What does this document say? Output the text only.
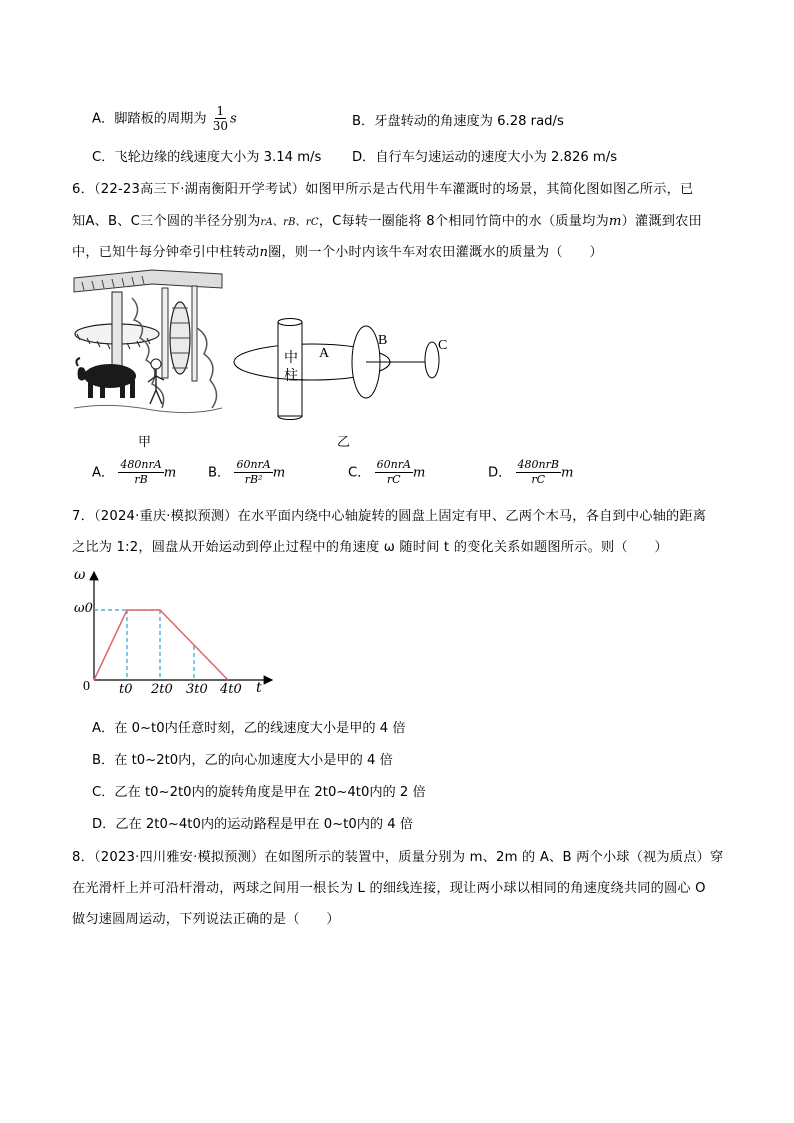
A．脚踏板的周期为 $\frac{1}{30}$ s	B．牙盘转动的角速度为 6.28 rad/s
C．飞轮边缘的线速度大小为 3.14 m/s D．自行车匀速运动的速度大小为 2.826 m/s
6．（22-23高三下·湖南衡阳开学考试）如图甲所示是古代用牛车灌溉时的场景，其简化图如图乙所示，已
知A、B、C三个圆的半径分别为rA、rB、rC，C每转一圈能将 8个相同竹筒中的水（质量均为m）灌溉到农田
中，已知牛每分钟牵引中柱转动n圈，则一个小时内该牛车对农田灌溉水的质量为（　　）
甲
中
柱
A
B	C
乙
A． $\frac{\text{480nrA}}{rB}$ m B． $\frac{\text{60nrA}}{\text{rB²}}$ m	C． $\frac{\text{60nrA}}{rC}$ m	D． $\frac{\text{480nrB}}{rC}$ m
7．（2024·重庆·模拟预测）在水平面内绕中心轴旋转的圆盘上固定有甲、乙两个木马，各自到中心轴的距离
之比为 1:2，圆盘从开始运动到停止过程中的角速度 ω 随时间 t 的变化关系如题图所示。则（　　）
ω
ω0
0 t0 2t0 3t0 4t0 t
A．在 0~t0内任意时刻，乙的线速度大小是甲的 4 倍
B．在 t0~2t0内，乙的向心加速度大小是甲的 4 倍
C．乙在 t0~2t0内的旋转角度是甲在 2t0~4t0内的 2 倍
D．乙在 2t0~4t0内的运动路程是甲在 0~t0内的 4 倍
8．（2023·四川雅安·模拟预测）在如图所示的装置中，质量分别为 m、2m 的 A、B 两个小球（视为质点）穿
在光滑杆上并可沿杆滑动，两球之间用一根长为 L 的细线连接，现让两小球以相同的角速度绕共同的圆心 O
做匀速圆周运动，下列说法正确的是（　　）
